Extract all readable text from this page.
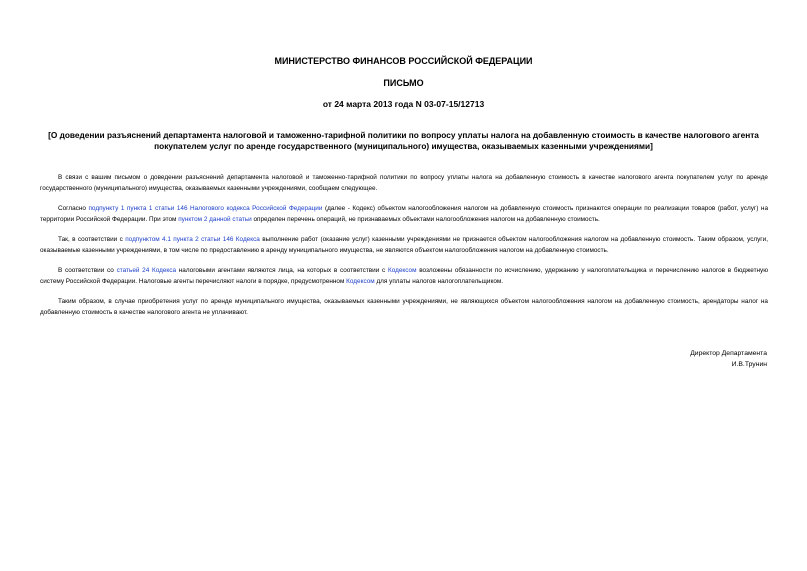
МИНИСТЕРСТВО ФИНАНСОВ РОССИЙСКОЙ ФЕДЕРАЦИИ
ПИСЬМО
от 24 марта 2013 года N 03-07-15/12713
[О доведении разъяснений департамента налоговой и таможенно-тарифной политики по вопросу уплаты налога на добавленную стоимость в качестве налогового агента покупателем услуг по аренде государственного (муниципального) имущества, оказываемых казенными учреждениями]

В связи с вашим письмом о доведении разъяснений департамента налоговой и таможенно-тарифной политики по вопросу уплаты налога на добавленную стоимость в качестве налогового агента покупателем услуг по аренде государственного (муниципального) имущества, оказываемых казенными учреждениями, сообщаем следующее.

Согласно подпункту 1 пункта 1 статьи 146 Налогового кодекса Российской Федерации (далее - Кодекс) объектом налогообложения налогом на добавленную стоимость признаются операции по реализации товаров (работ, услуг) на территории Российской Федерации. При этом пунктом 2 данной статьи определен перечень операций, не признаваемых объектами налогообложения налогом на добавленную стоимость.

Так, в соответствии с подпунктом 4.1 пункта 2 статьи 146 Кодекса выполнение работ (оказание услуг) казенными учреждениями не признается объектом налогообложения налогом на добавленную стоимость. Таким образом, услуги, оказываемые казенными учреждениями, в том числе по предоставлению в аренду муниципального имущества, не являются объектом налогообложения налогом на добавленную стоимость.

В соответствии со статьей 24 Кодекса налоговыми агентами являются лица, на которых в соответствии с Кодексом возложены обязанности по исчислению, удержанию у налогоплательщика и перечислению налогов в бюджетную систему Российской Федерации. Налоговые агенты перечисляют налоги в порядке, предусмотренном Кодексом для уплаты налогов налогоплательщиком.

Таким образом, в случае приобретения услуг по аренде муниципального имущества, оказываемых казенными учреждениями, не являющихся объектом налогообложения налогом на добавленную стоимость, арендаторы налог на добавленную стоимость в качестве налогового агента не уплачивают.

Директор Департамента
И.В.Трунин
